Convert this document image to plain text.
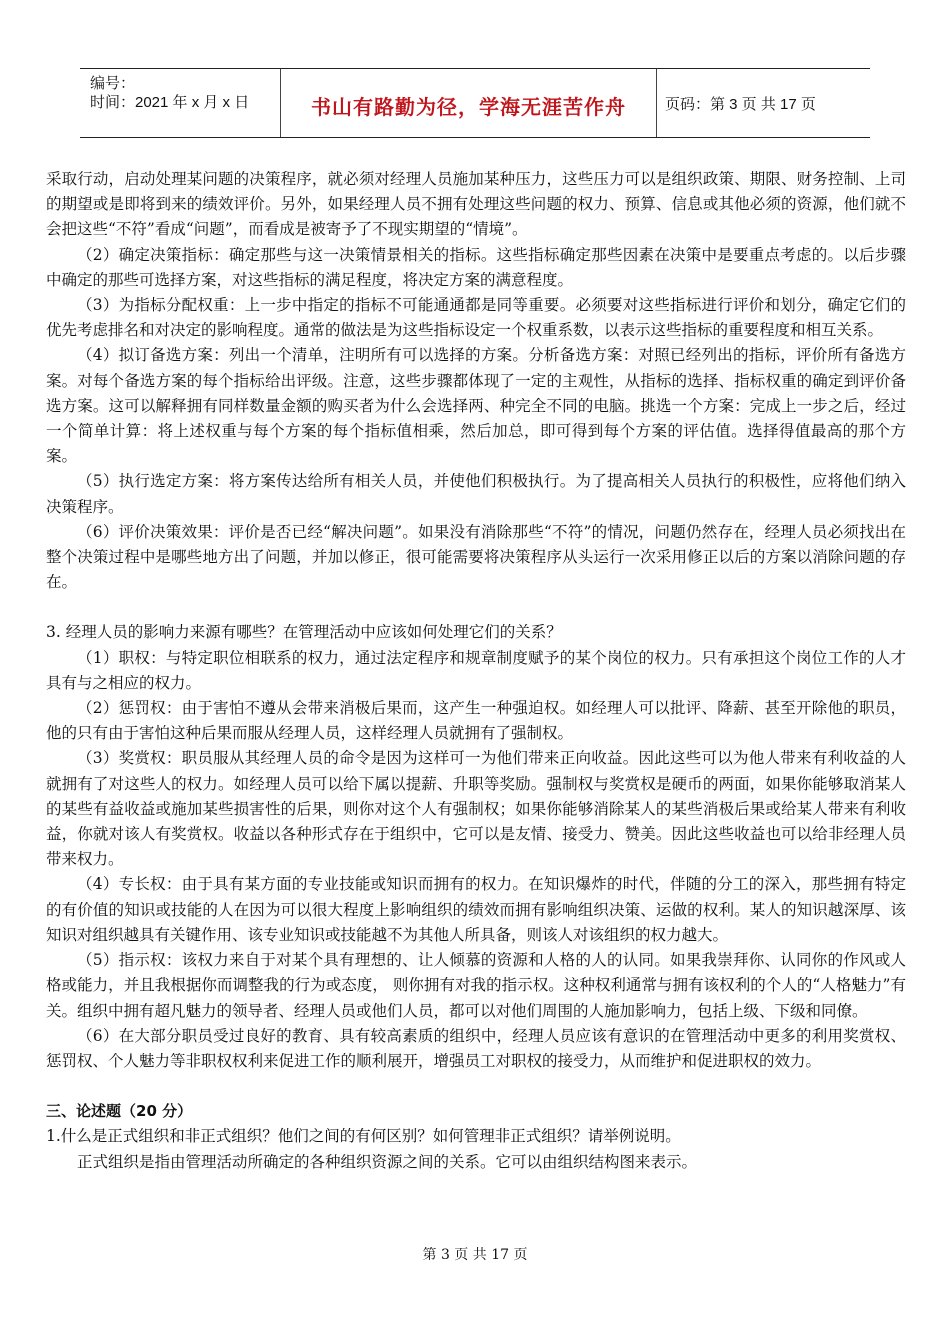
编号：
时间：2021 年 x 月 x 日	书山有路勤为径，学海无涯苦作舟	页码：第 3 页 共 17 页

采取行动，启动处理某问题的决策程序，就必须对经理人员施加某种压力，这些压力可以是组织政策、期限、财务控制、上司的期望或是即将到来的绩效评价。另外，如果经理人员不拥有处理这些问题的权力、预算、信息或其他必须的资源，他们就不会把这些“不符”看成“问题”，而看成是被寄予了不现实期望的“情境”。

（2）确定决策指标：确定那些与这一决策情景相关的指标。这些指标确定那些因素在决策中是要重点考虑的。以后步骤中确定的那些可选择方案，对这些指标的满足程度，将决定方案的满意程度。

（3）为指标分配权重：上一步中指定的指标不可能通通都是同等重要。必须要对这些指标进行评价和划分，确定它们的优先考虑排名和对决定的影响程度。通常的做法是为这些指标设定一个权重系数，以表示这些指标的重要程度和相互关系。

（4）拟订备选方案：列出一个清单，注明所有可以选择的方案。分析备选方案：对照已经列出的指标，评价所有备选方案。对每个备选方案的每个指标给出评级。注意，这些步骤都体现了一定的主观性，从指标的选择、指标权重的确定到评价备选方案。这可以解释拥有同样数量金额的购买者为什么会选择两、种完全不同的电脑。挑选一个方案：完成上一步之后，经过一个简单计算：将上述权重与每个方案的每个指标值相乘，然后加总，即可得到每个方案的评估值。选择得值最高的那个方案。

（5）执行选定方案：将方案传达给所有相关人员，并使他们积极执行。为了提高相关人员执行的积极性，应将他们纳入决策程序。

（6）评价决策效果：评价是否已经“解决问题”。如果没有消除那些“不符”的情况，问题仍然存在，经理人员必须找出在整个决策过程中是哪些地方出了问题，并加以修正，很可能需要将决策程序从头运行一次采用修正以后的方案以消除问题的存在。

3. 经理人员的影响力来源有哪些？在管理活动中应该如何处理它们的关系？

（1）职权：与特定职位相联系的权力，通过法定程序和规章制度赋予的某个岗位的权力。只有承担这个岗位工作的人才具有与之相应的权力。

（2）惩罚权：由于害怕不遵从会带来消极后果而，这产生一种强迫权。如经理人可以批评、降薪、甚至开除他的职员，他的只有由于害怕这种后果而服从经理人员，这样经理人员就拥有了强制权。

（3）奖赏权：职员服从其经理人员的命令是因为这样可一为他们带来正向收益。因此这些可以为他人带来有利收益的人就拥有了对这些人的权力。如经理人员可以给下属以提薪、升职等奖励。强制权与奖赏权是硬币的两面，如果你能够取消某人的某些有益收益或施加某些损害性的后果，则你对这个人有强制权；如果你能够消除某人的某些消极后果或给某人带来有利收益，你就对该人有奖赏权。收益以各种形式存在于组织中，它可以是友情、接受力、赞美。因此这些收益也可以给非经理人员带来权力。

（4）专长权：由于具有某方面的专业技能或知识而拥有的权力。在知识爆炸的时代，伴随的分工的深入，那些拥有特定的有价值的知识或技能的人在因为可以很大程度上影响组织的绩效而拥有影响组织决策、运做的权利。某人的知识越深厚、该知识对组织越具有关键作用、该专业知识或技能越不为其他人所具备，则该人对该组织的权力越大。

（5）指示权：该权力来自于对某个具有理想的、让人倾慕的资源和人格的人的认同。如果我崇拜你、认同你的作风或人格或能力，并且我根据你而调整我的行为或态度， 则你拥有对我的指示权。这种权利通常与拥有该权利的个人的“人格魅力”有关。组织中拥有超凡魅力的领导者、经理人员或他们人员，都可以对他们周围的人施加影响力，包括上级、下级和同僚。

（6）在大部分职员受过良好的教育、具有较高素质的组织中，经理人员应该有意识的在管理活动中更多的利用奖赏权、惩罚权、个人魅力等非职权权利来促进工作的顺利展开，增强员工对职权的接受力，从而维护和促进职权的效力。

三、论述题（20 分）

1.什么是正式组织和非正式组织？他们之间的有何区别？如何管理非正式组织？请举例说明。

正式组织是指由管理活动所确定的各种组织资源之间的关系。它可以由组织结构图来表示。

第 3 页 共 17 页
